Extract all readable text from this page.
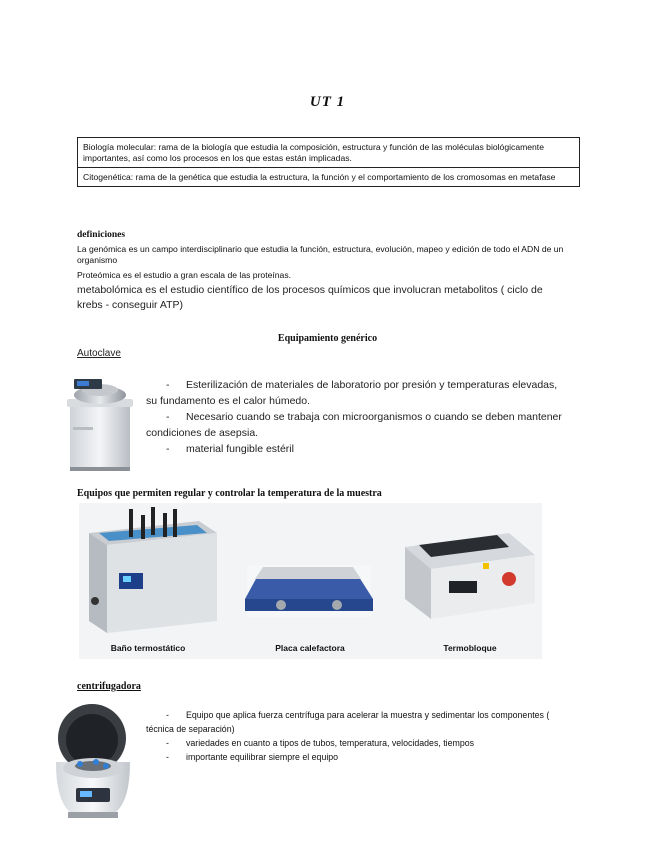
UT 1
Biología molecular: rama de la biología que estudia la composición, estructura y función de las moléculas biológicamente importantes, así como los procesos en los que estas están implicadas.
Citogenética: rama de la genética que estudia la estructura, la función y el comportamiento de los cromosomas en metafase
definiciones
La genómica es un campo interdisciplinario que estudia la función, estructura, evolución, mapeo y edición de todo el ADN de un organismo
Proteómica es el estudio a gran escala de las proteínas.
metabolómica es el estudio científico de los procesos químicos que involucran metabolitos ( ciclo de krebs - conseguir ATP)
Equipamiento genérico
Autoclave
- Esterilización de materiales de laboratorio por presión y temperaturas elevadas, su fundamento es el calor húmedo.
- Necesario cuando se trabaja con microorganismos o cuando se deben mantener condiciones de asepsia.
- material fungible estéril
Equipos que permiten regular y controlar la temperatura de la muestra
Baño termostático	Placa calefactora	Termobloque
centrifugadora
- Equipo que aplica fuerza centrífuga para acelerar la muestra y sedimentar los componentes ( técnica de separación)
- variedades en cuanto a tipos de tubos, temperatura, velocidades, tiempos
- importante equilibrar siempre el equipo
